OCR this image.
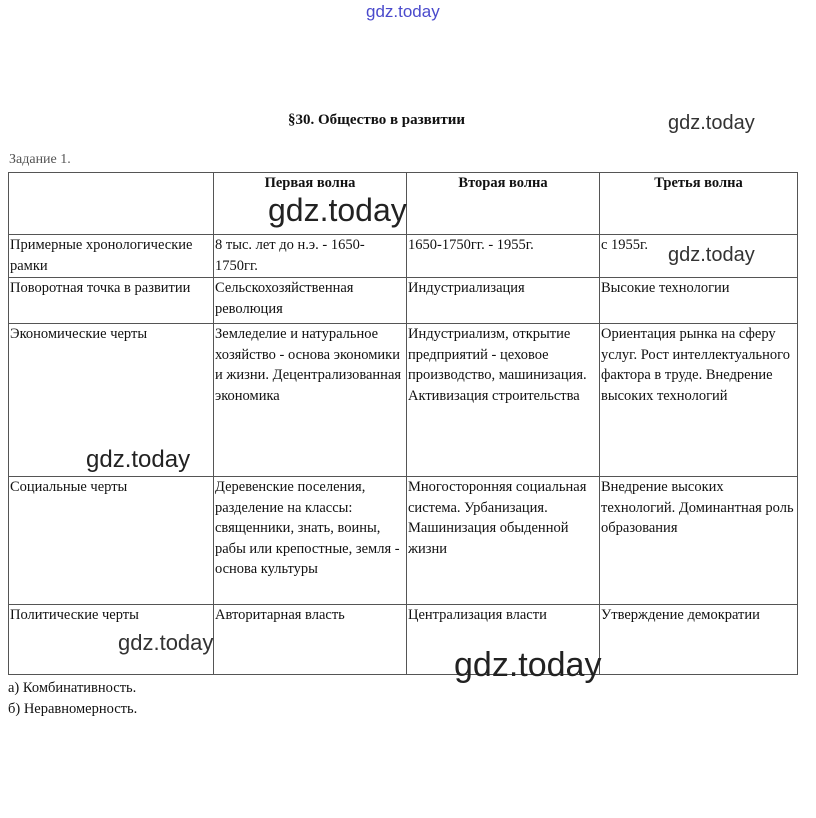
gdz.today
§30. Общество в развитии
Задание 1.
	Первая волна	Вторая волна	Третья волна
Примерные хронологические рамки	8 тыс. лет до н.э. - 1650-1750гг.	1650-1750гг. - 1955г.	с 1955г.
Поворотная точка в развитии	Сельскохозяйственная революция	Индустриализация	Высокие технологии
Экономические черты	Земледелие и натуральное хозяйство - основа экономики и жизни. Децентрализованная экономика	Индустриализм, открытие предприятий - цеховое производство, машинизация. Активизация строительства	Ориентация рынка на сферу услуг. Рост интеллектуального фактора в труде. Внедрение высоких технологий
Социальные черты	Деревенские поселения, разделение на классы: священники, знать, воины, рабы или крепостные, земля - основа культуры	Многосторонняя социальная система. Урбанизация. Машинизация обыденной жизни	Внедрение высоких технологий. Доминантная роль образования
Политические черты	Авторитарная власть	Централизация власти	Утверждение демократии
а) Комбинативность.
б) Неравномерность.
gdz.today
gdz.today
gdz.today
gdz.today
gdz.today
gdz.today
